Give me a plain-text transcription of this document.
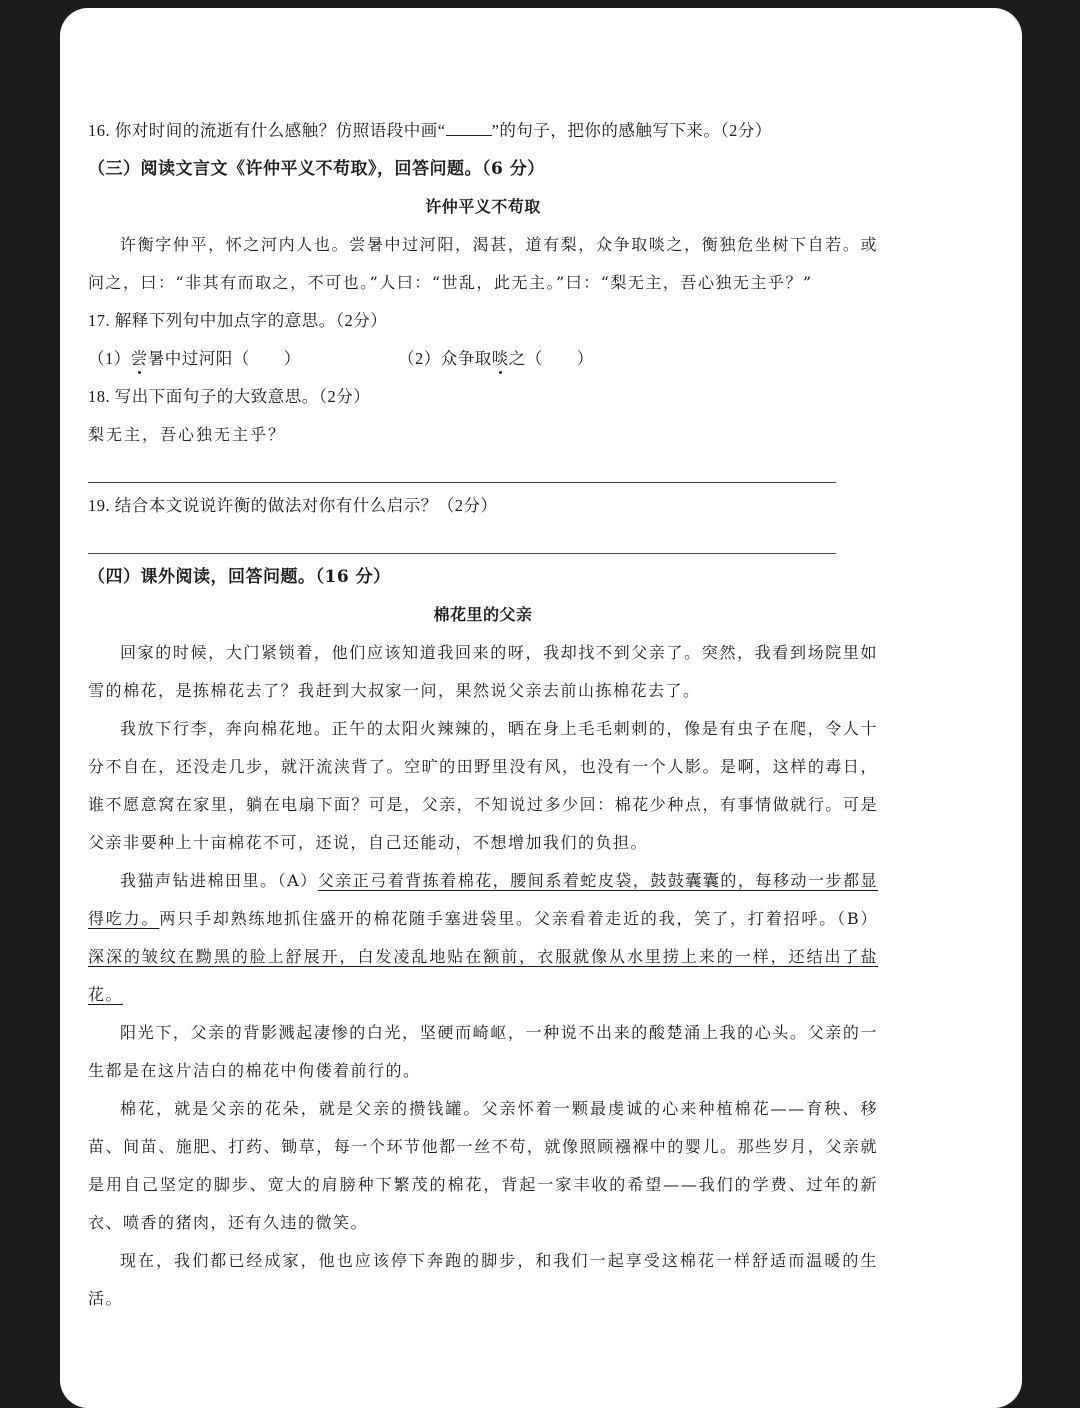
16. 你对时间的流逝有什么感触？仿照语段中画“	”的句子，把你的感触写下来。（2分）
（三）阅读文言文《许仲平义不苟取》，回答问题。（6 分）
许仲平义不苟取

许衡字仲平，怀之河内人也。尝暑中过河阳，渴甚，道有梨，众争取啖之，衡独危坐树下自若。或问之，曰：“非其有而取之，不可也。”人曰：“世乱，此无主。”曰：“梨无主，吾心独无主乎？”

17. 解释下列句中加点字的意思。（2分）
（1）尝暑中过河阳（　　）	（2）众争取啖之（　　）
18. 写出下面句子的大致意思。（2分）
梨无主，吾心独无主乎？
19. 结合本文说说许衡的做法对你有什么启示？（2分）
（四）课外阅读，回答问题。（16 分）
棉花里的父亲

回家的时候，大门紧锁着，他们应该知道我回来的呀，我却找不到父亲了。突然，我看到场院里如雪的棉花，是拣棉花去了？我赶到大叔家一问，果然说父亲去前山拣棉花去了。

我放下行李，奔向棉花地。正午的太阳火辣辣的，晒在身上毛毛刺刺的，像是有虫子在爬，令人十分不自在，还没走几步，就汗流浃背了。空旷的田野里没有风，也没有一个人影。是啊，这样的毒日，谁不愿意窝在家里，躺在电扇下面？可是，父亲，不知说过多少回：棉花少种点，有事情做就行。可是父亲非要种上十亩棉花不可，还说，自己还能动，不想增加我们的负担。

我猫声钻进棉田里。（A）父亲正弓着背拣着棉花，腰间系着蛇皮袋，鼓鼓囊囊的，每移动一步都显得吃力。两只手却熟练地抓住盛开的棉花随手塞进袋里。父亲看着走近的我，笑了，打着招呼。（B）深深的皱纹在黝黑的脸上舒展开，白发凌乱地贴在额前，衣服就像从水里捞上来的一样，还结出了盐花。

阳光下，父亲的背影溅起凄惨的白光，坚硬而崎岖，一种说不出来的酸楚涌上我的心头。父亲的一生都是在这片洁白的棉花中佝偻着前行的。

棉花，就是父亲的花朵，就是父亲的攒钱罐。父亲怀着一颗最虔诚的心来种植棉花——育秧、移苗、间苗、施肥、打药、锄草，每一个环节他都一丝不苟，就像照顾襁褓中的婴儿。那些岁月，父亲就是用自己坚定的脚步、宽大的肩膀种下繁茂的棉花，背起一家丰收的希望——我们的学费、过年的新衣、喷香的猪肉，还有久违的微笑。

现在，我们都已经成家，他也应该停下奔跑的脚步，和我们一起享受这棉花一样舒适而温暖的生活。
